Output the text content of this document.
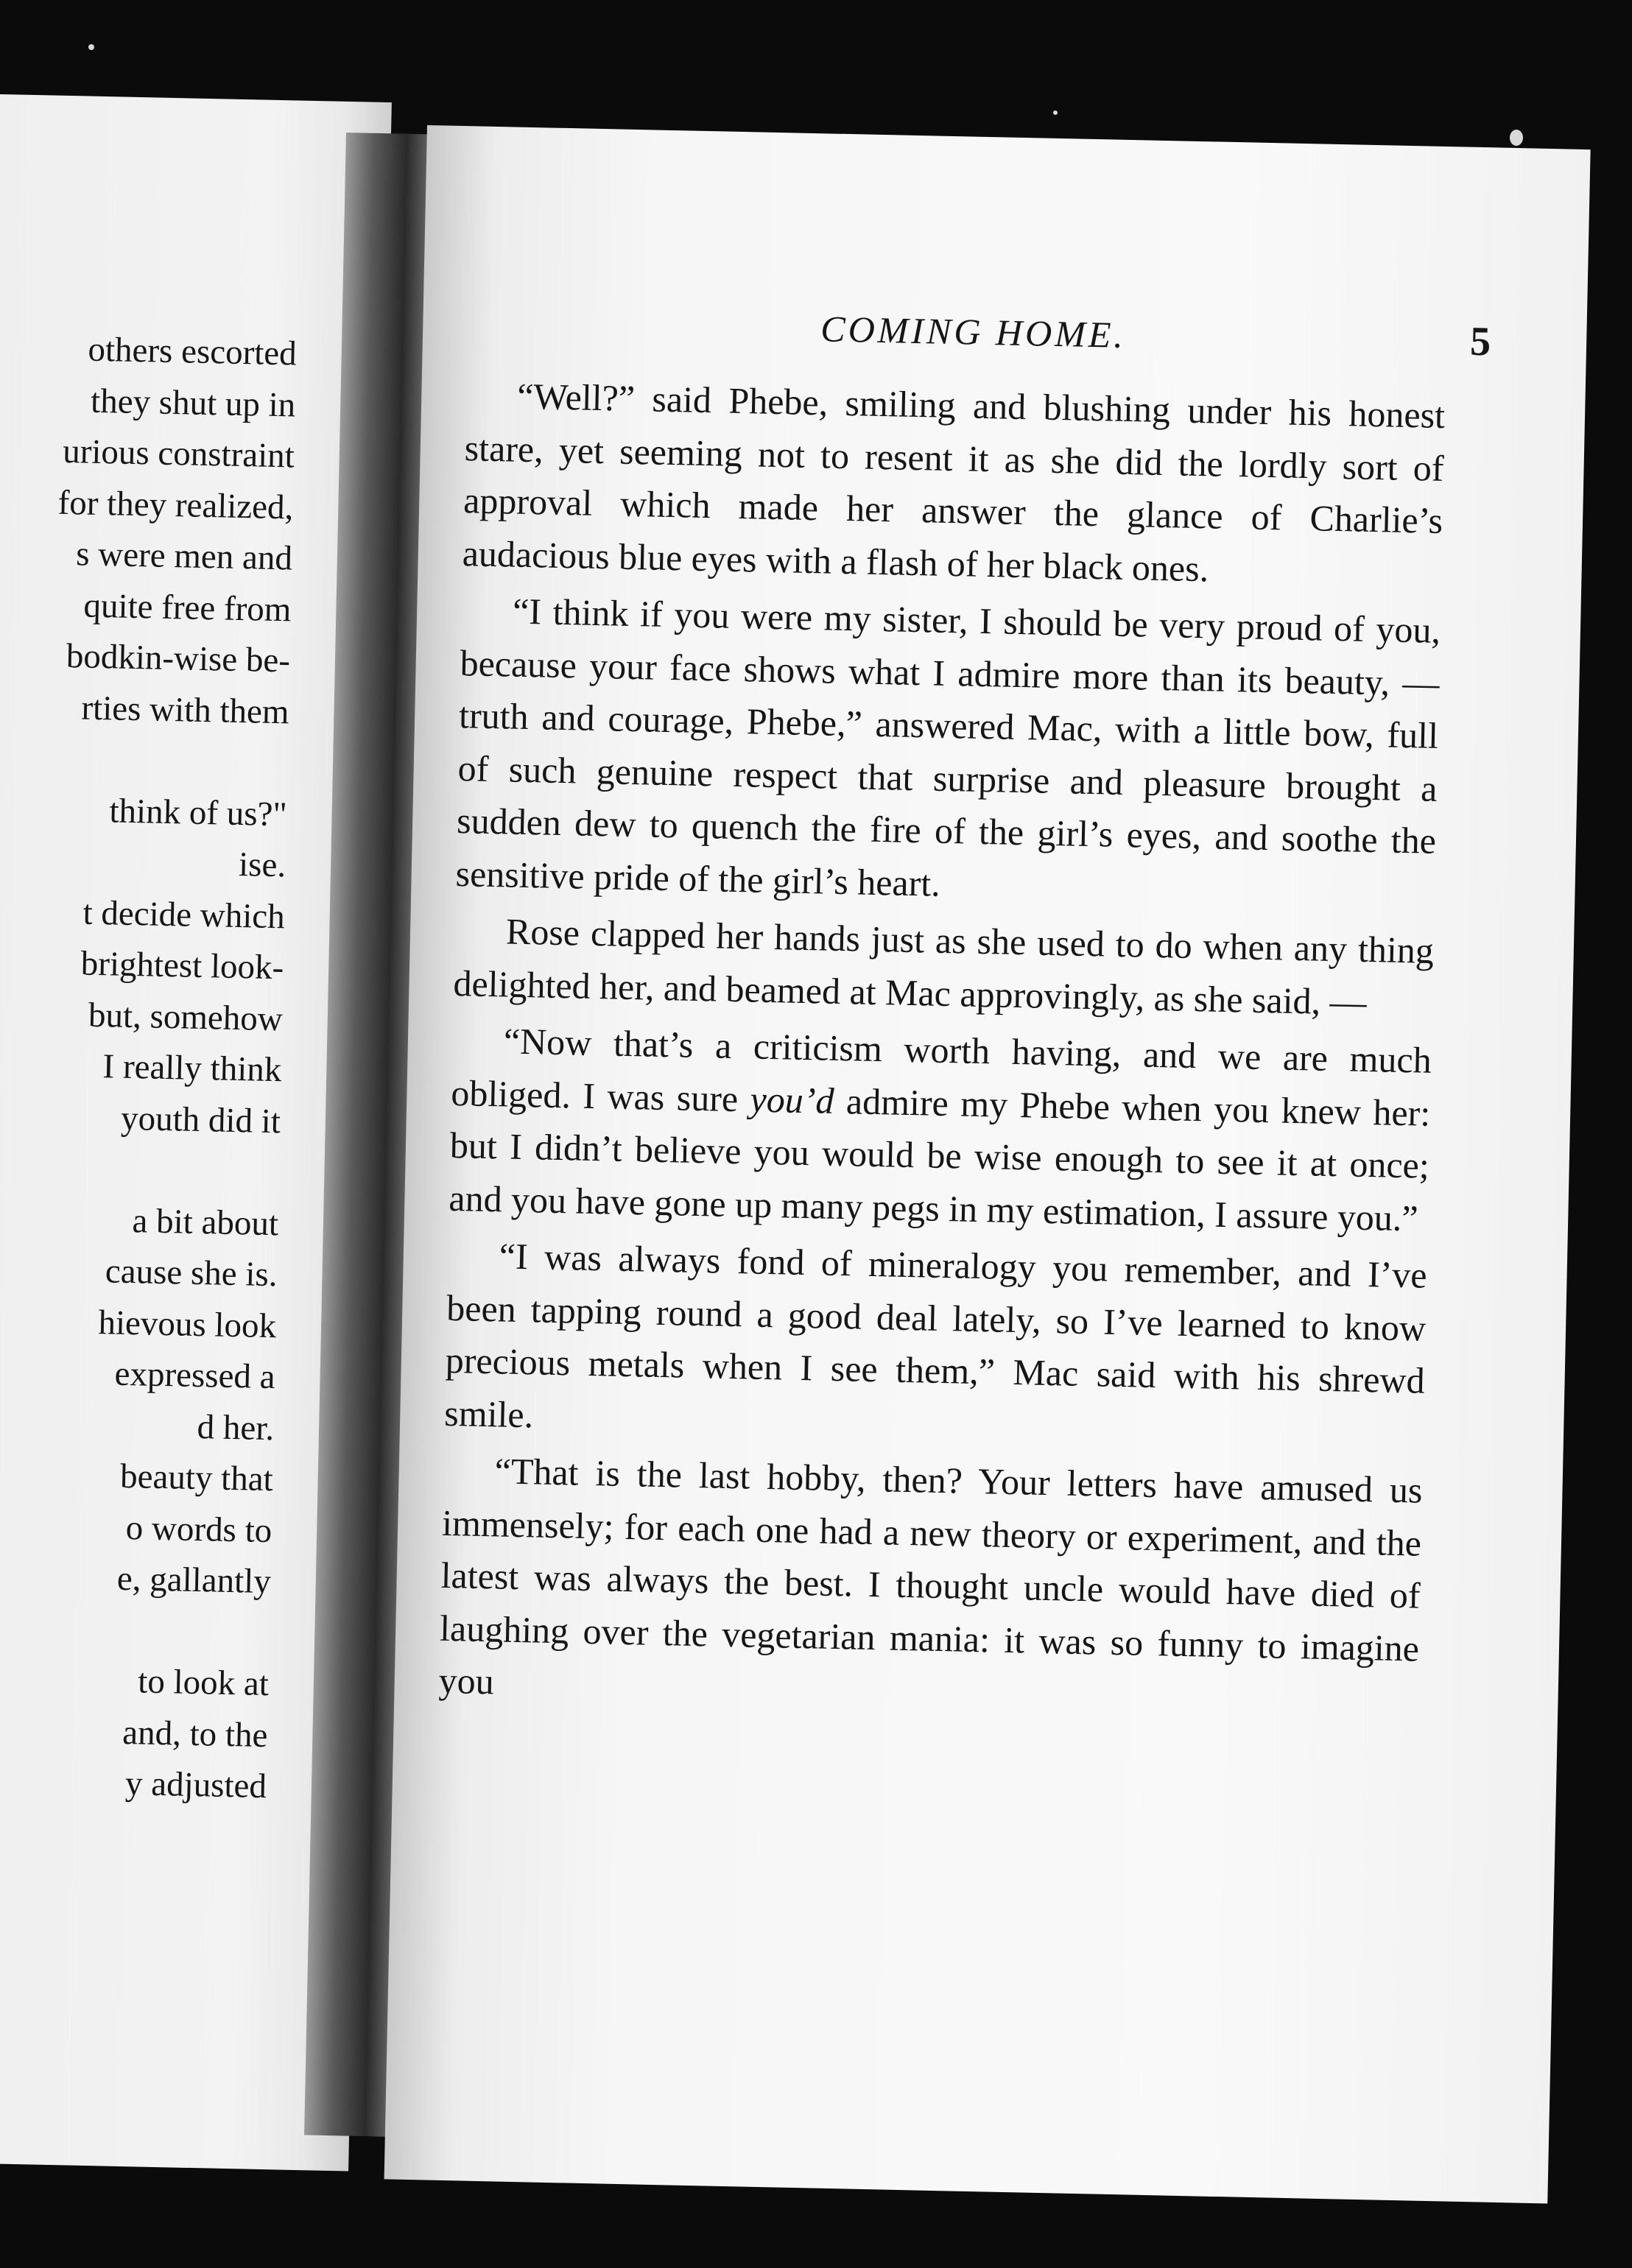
others escorted
they shut up in
urious constraint
for they realized,
s were men and
quite free from
bodkin-wise be-
rties with them
think of us?"
ise.
t decide which
brightest look-
but, somehow
I really think
youth did it
a bit about
cause she is.
hievous look
expressed a
d her.
beauty that
o words to
e, gallantly
to look at
and, to the
y adjusted
COMING HOME.	5

“Well?” said Phebe, smiling and blushing under his honest stare, yet seeming not to resent it as she did the lordly sort of approval which made her answer the glance of Charlie’s audacious blue eyes with a flash of her black ones.

“I think if you were my sister, I should be very proud of you, because your face shows what I admire more than its beauty, — truth and courage, Phebe,” answered Mac, with a little bow, full of such genuine respect that surprise and pleasure brought a sudden dew to quench the fire of the girl’s eyes, and soothe the sensitive pride of the girl’s heart.

Rose clapped her hands just as she used to do when any thing delighted her, and beamed at Mac approvingly, as she said, —

“Now that’s a criticism worth having, and we are much obliged. I was sure you’d admire my Phebe when you knew her: but I didn’t believe you would be wise enough to see it at once; and you have gone up many pegs in my estimation, I assure you.”

“I was always fond of mineralogy you remember, and I’ve been tapping round a good deal lately, so I’ve learned to know precious metals when I see them,” Mac said with his shrewd smile.

“That is the last hobby, then? Your letters have amused us immensely; for each one had a new theory or experiment, and the latest was always the best. I thought uncle would have died of laughing over the vegetarian mania: it was so funny to imagine you
